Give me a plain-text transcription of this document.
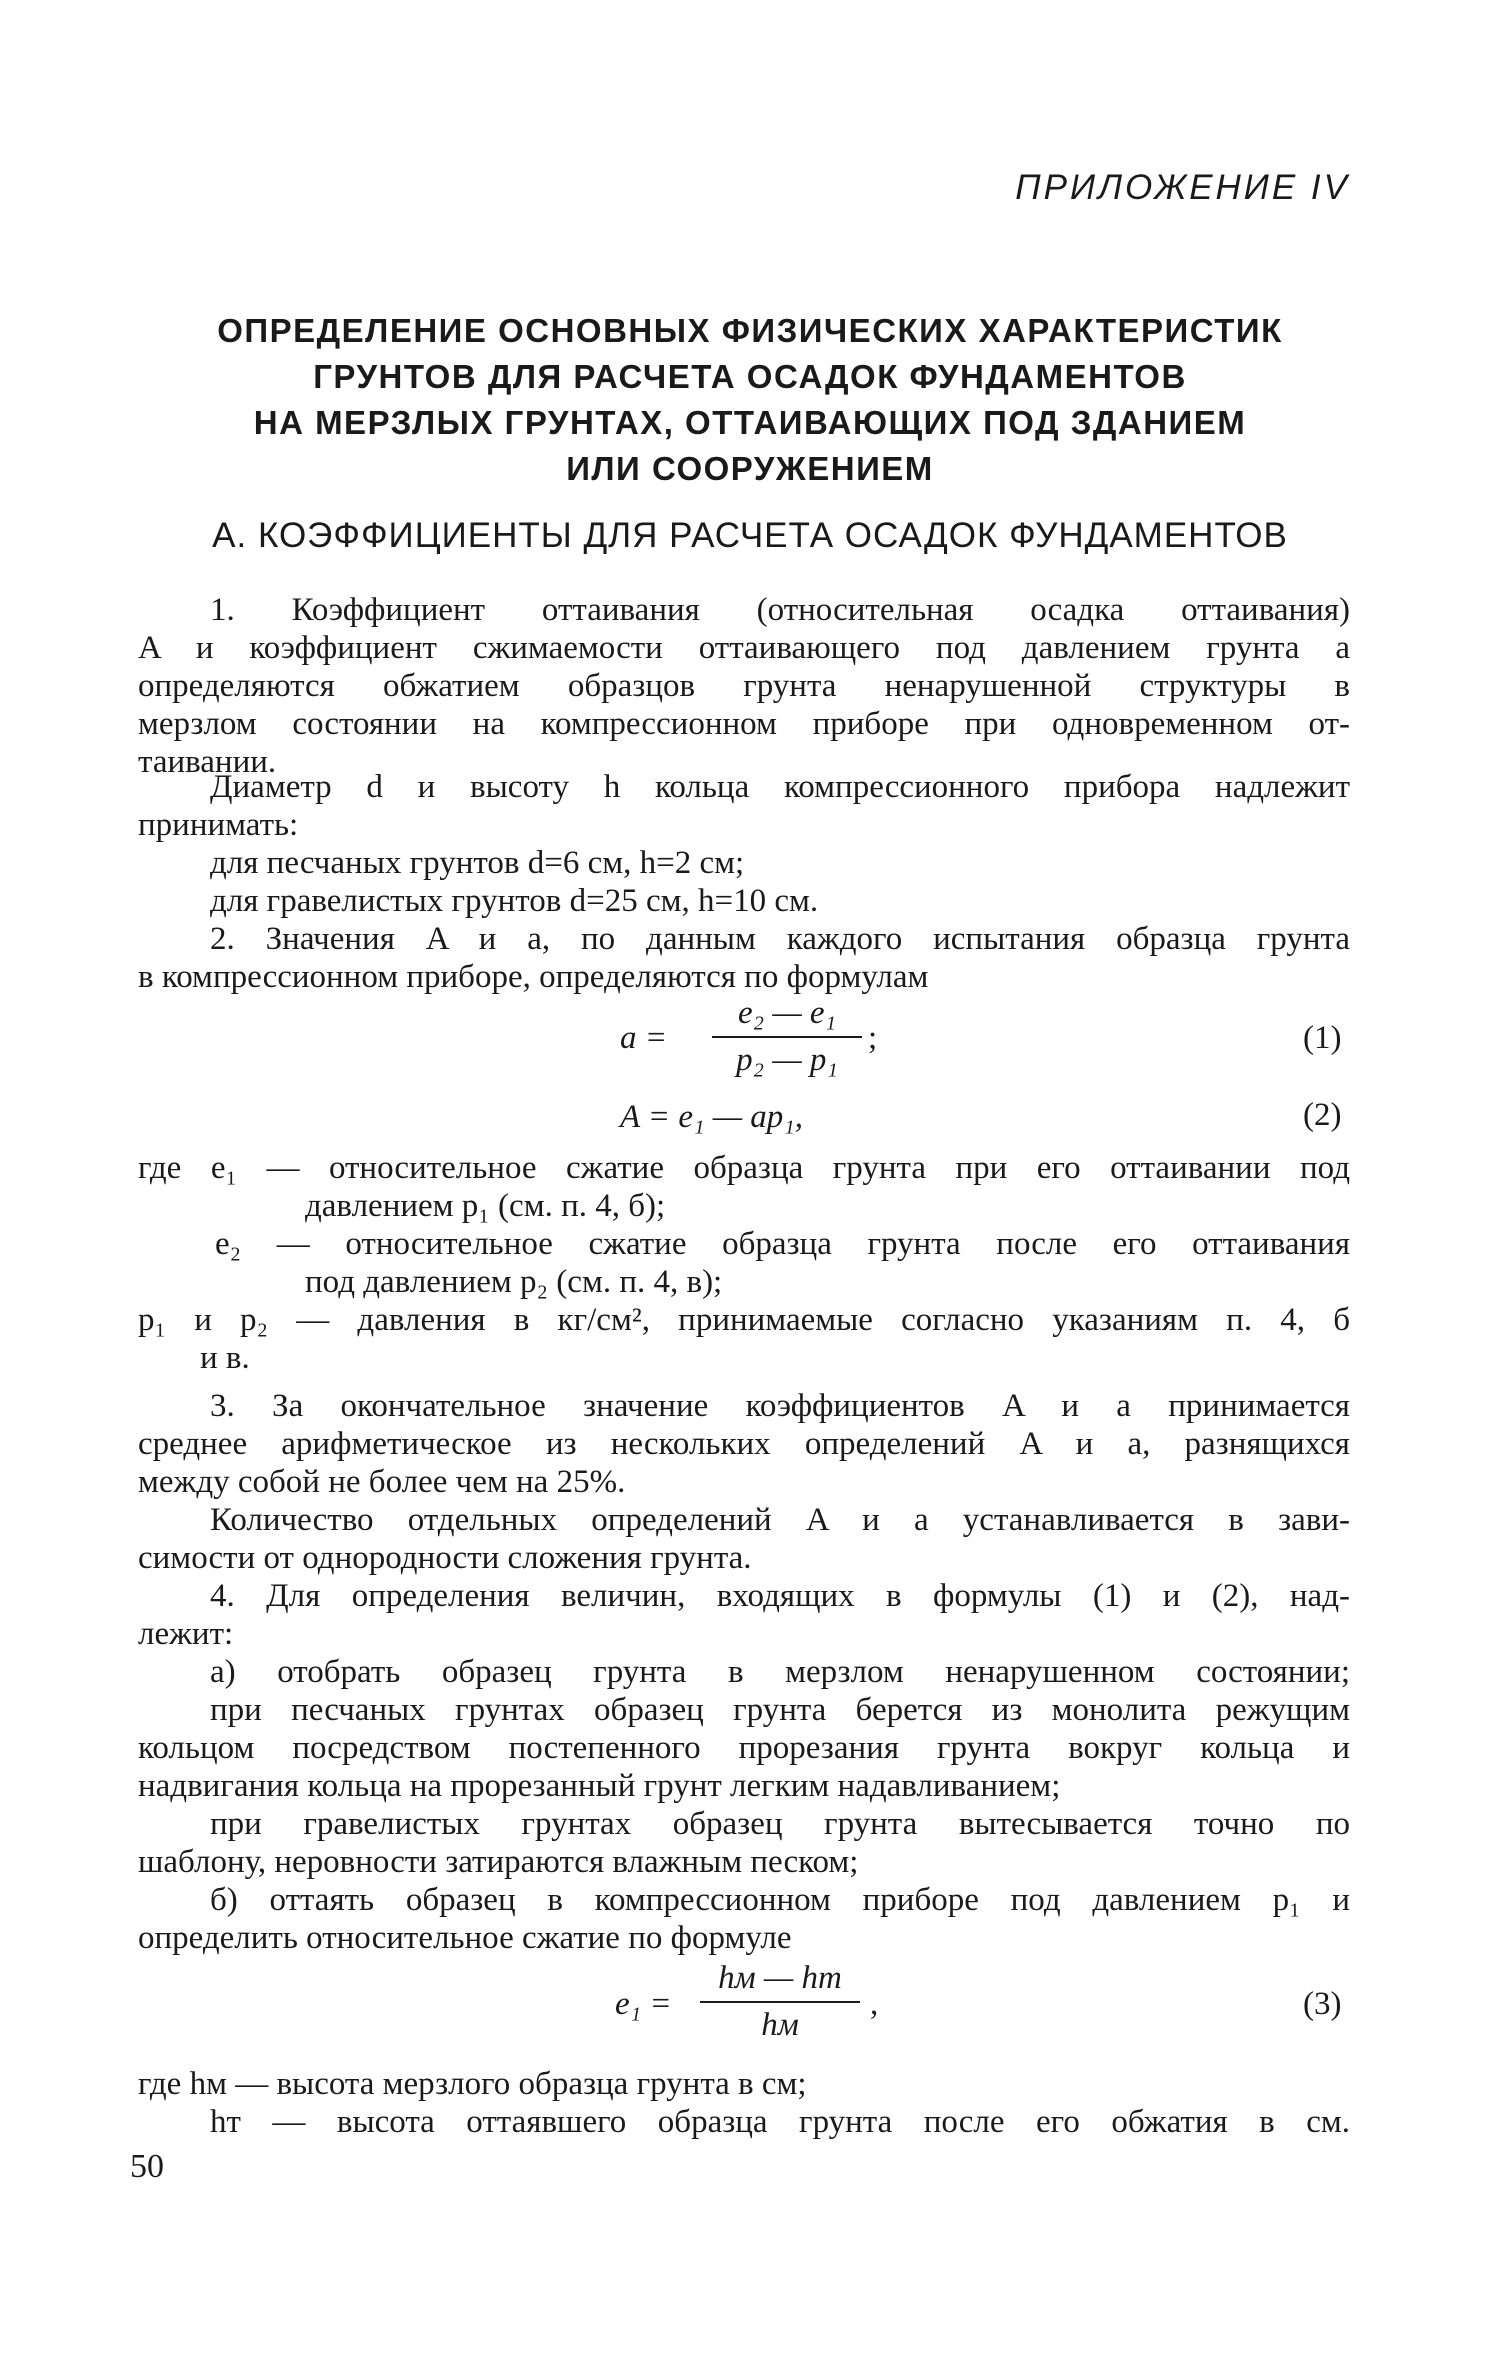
ПРИЛОЖЕНИЕ IV
ОПРЕДЕЛЕНИЕ ОСНОВНЫХ ФИЗИЧЕСКИХ ХАРАКТЕРИСТИК
ГРУНТОВ ДЛЯ РАСЧЕТА ОСАДОК ФУНДАМЕНТОВ
НА МЕРЗЛЫХ ГРУНТАХ, ОТТАИВАЮЩИХ ПОД ЗДАНИЕМ
ИЛИ СООРУЖЕНИЕМ
А. КОЭФФИЦИЕНТЫ ДЛЯ РАСЧЕТА ОСАДОК ФУНДАМЕНТОВ
1. Коэффициент оттаивания (относительная осадка оттаивания)
A и коэффициент сжимаемости оттаивающего под давлением грунта a
определяются обжатием образцов грунта ненарушенной структуры в
мерзлом состоянии на компрессионном приборе при одновременном от-
таивании.
Диаметр d и высоту h кольца компрессионного прибора надлежит
принимать:
для песчаных грунтов d=6 см, h=2 см;
для гравелистых грунтов d=25 см, h=10 см.
2. Значения A и a, по данным каждого испытания образца грунта
в компрессионном приборе, определяются по формулам
a =
e₂ — e₁
p₂ — p₁
;	(1)
A = e₁ — ap₁,	(2)
где e₁ — относительное сжатие образца грунта при его оттаивании под
давлением p₁ (см. п. 4, б);
e₂ — относительное сжатие образца грунта после его оттаивания
под давлением p₂ (см. п. 4, в);
p₁ и p₂ — давления в кг/см², принимаемые согласно указаниям п. 4, б
и в.
3. За окончательное значение коэффициентов A и a принимается
среднее арифметическое из нескольких определений A и a, разнящихся
между собой не более чем на 25%.
Количество отдельных определений A и a устанавливается в зави-
симости от однородности сложения грунта.
4. Для определения величин, входящих в формулы (1) и (2), над-
лежит:
а) отобрать образец грунта в мерзлом ненарушенном состоянии;
при песчаных грунтах образец грунта берется из монолита режущим
кольцом посредством постепенного прорезания грунта вокруг кольца и
надвигания кольца на прорезанный грунт легким надавливанием;
при гравелистых грунтах образец грунта вытесывается точно по
шаблону, неровности затираются влажным песком;
б) оттаять образец в компрессионном приборе под давлением p₁ и
определить относительное сжатие по формуле
e₁ =
hм — hт
hм
,	(3)
где hм — высота мерзлого образца грунта в см;
hт — высота оттаявшего образца грунта после его обжатия в см.
50
